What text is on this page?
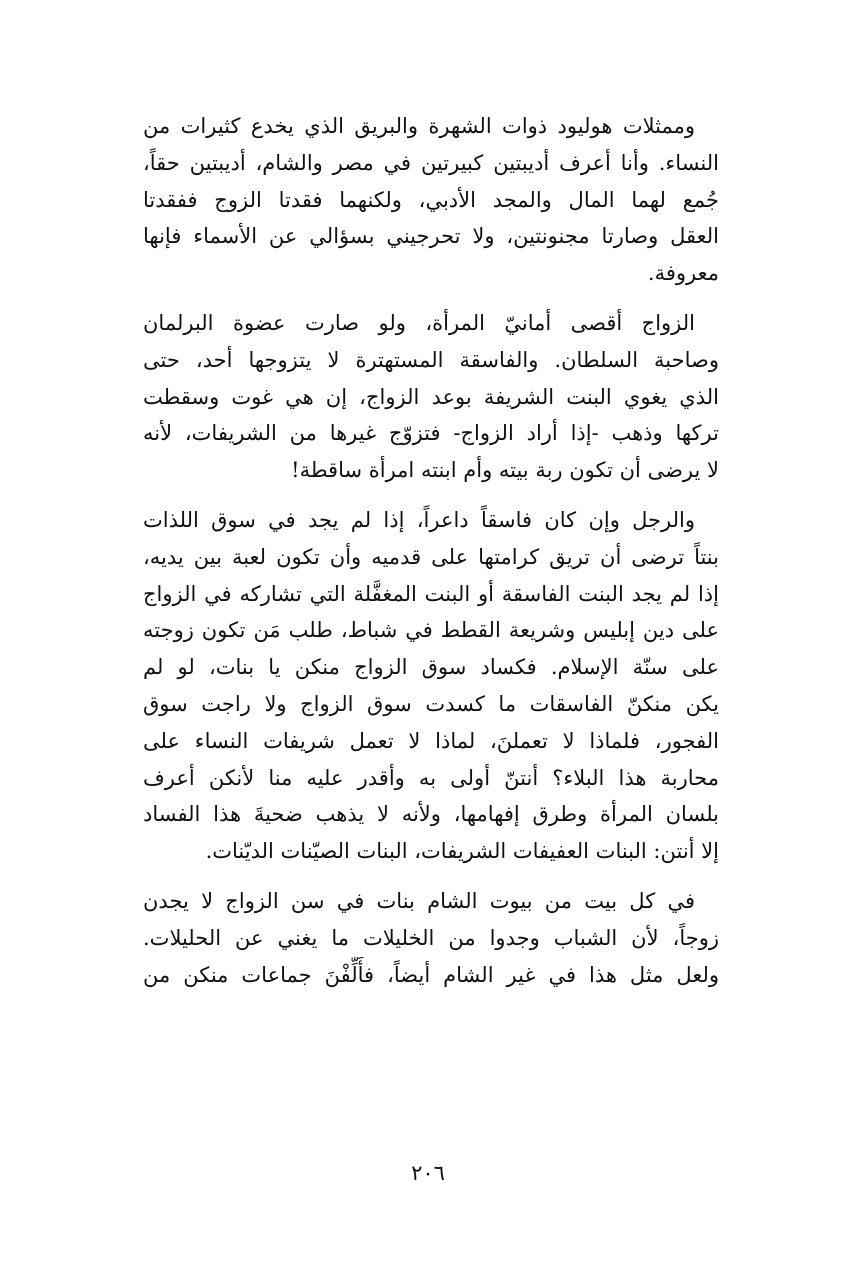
وممثلات هوليود ذوات الشهرة والبريق الذي يخدع كثيرات من
النساء. وأنا أعرف أديبتين كبيرتين في مصر والشام، أديبتين حقاً،
جُمع لهما المال والمجد الأدبي، ولكنهما فقدتا الزوج ففقدتا
العقل وصارتا مجنونتين، ولا تحرجيني بسؤالي عن الأسماء فإنها
معروفة.

الزواج أقصى أمانيّ المرأة، ولو صارت عضوة البرلمان
وصاحبة السلطان. والفاسقة المستهترة لا يتزوجها أحد، حتى
الذي يغوي البنت الشريفة بوعد الزواج، إن هي غوت وسقطت
تركها وذهب -إذا أراد الزواج- فتزوّج غيرها من الشريفات، لأنه
لا يرضى أن تكون ربة بيته وأم ابنته امرأة ساقطة!

والرجل وإن كان فاسقاً داعراً، إذا لم يجد في سوق اللذات
بنتاً ترضى أن تريق كرامتها على قدميه وأن تكون لعبة بين يديه،
إذا لم يجد البنت الفاسقة أو البنت المغفَّلة التي تشاركه في الزواج
على دين إبليس وشريعة القطط في شباط، طلب مَن تكون زوجته
على سنّة الإسلام. فكساد سوق الزواج منكن يا بنات، لو لم
يكن منكنّ الفاسقات ما كسدت سوق الزواج ولا راجت سوق
الفجور، فلماذا لا تعملنَ، لماذا لا تعمل شريفات النساء على
محاربة هذا البلاء؟ أنتنّ أولى به وأقدر عليه منا لأنكن أعرف
بلسان المرأة وطرق إفهامها، ولأنه لا يذهب ضحيةَ هذا الفساد
إلا أنتن: البنات العفيفات الشريفات، البنات الصيّنات الديّنات.

في كل بيت من بيوت الشام بنات في سن الزواج لا يجدن
زوجاً، لأن الشباب وجدوا من الخليلات ما يغني عن الحليلات.
ولعل مثل هذا في غير الشام أيضاً، فأَلِّفْنَ جماعات منكن من

٢٠٦
